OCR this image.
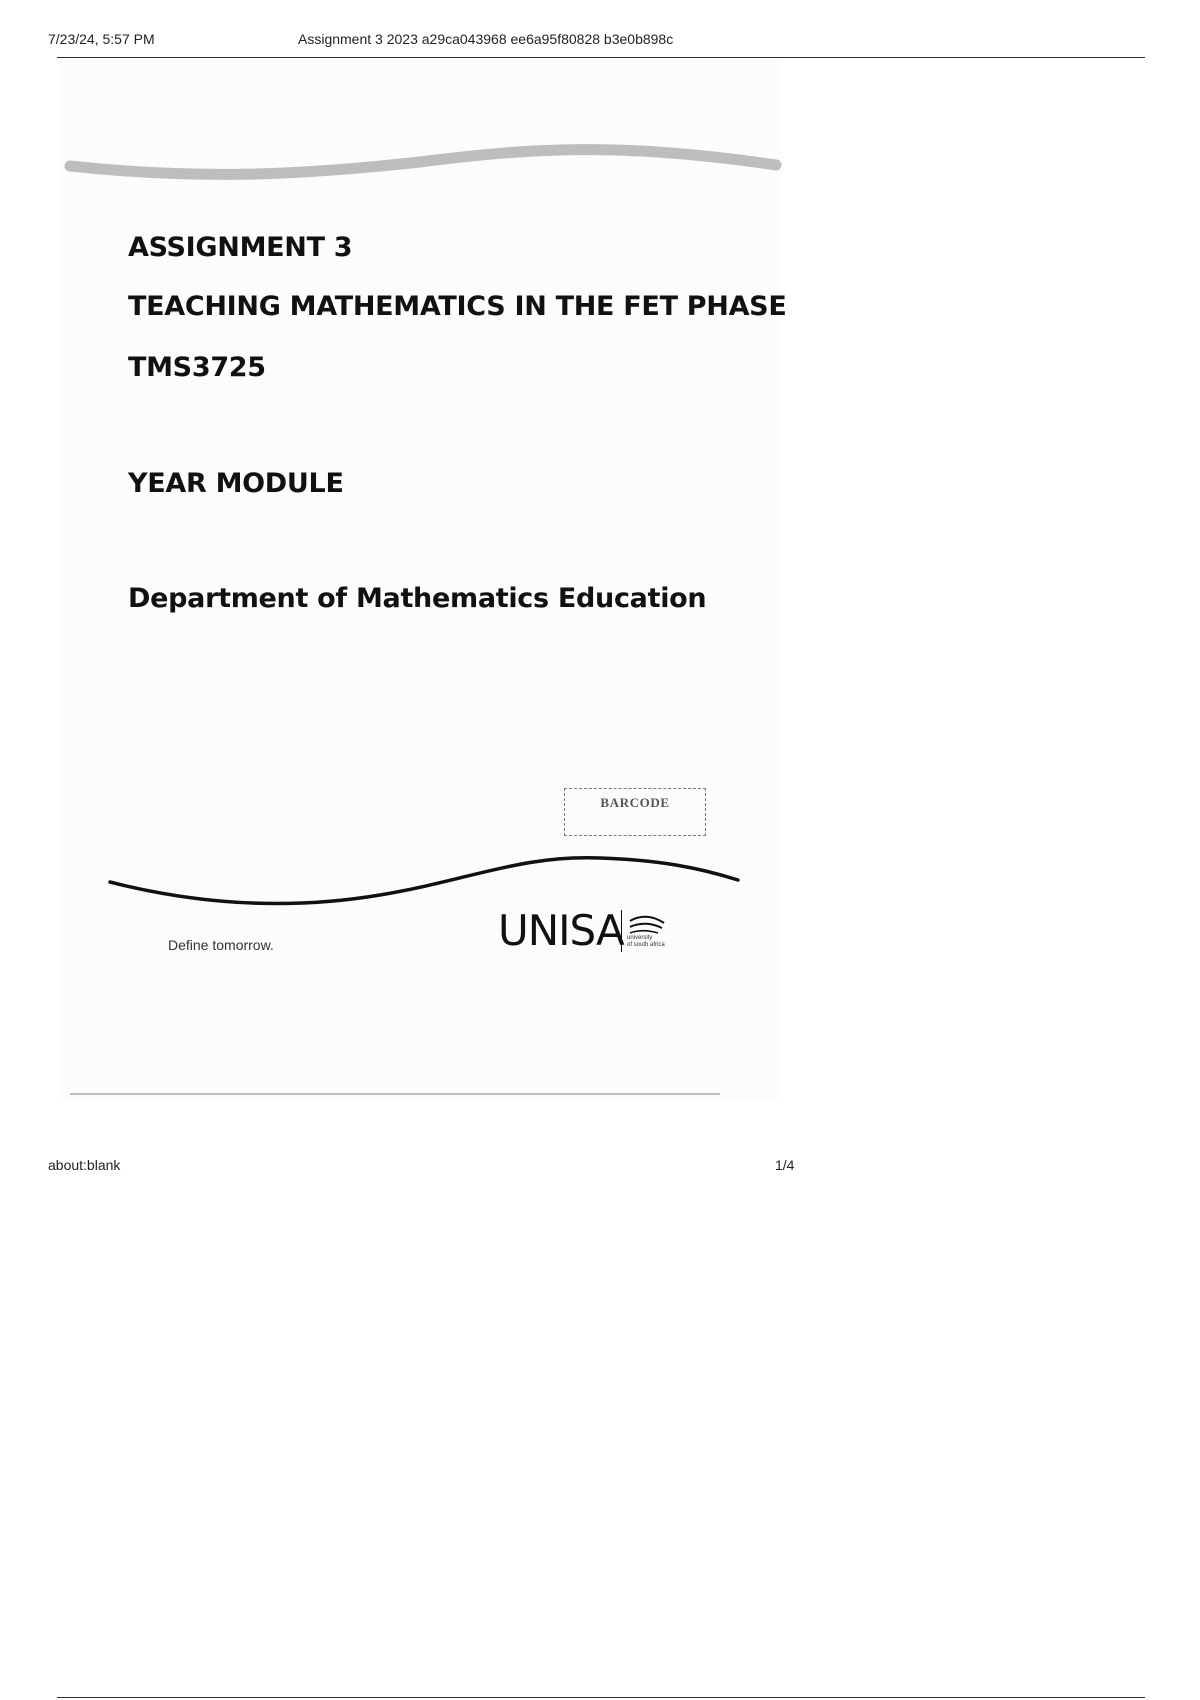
7/23/24, 5:57 PM	Assignment 3 2023 a29ca043968 ee6a95f80828 b3e0b898c
ASSIGNMENT 3
TEACHING MATHEMATICS IN THE FET PHASE
TMS3725
YEAR MODULE
Department of Mathematics Education
BARCODE
Define tomorrow.	UNISA university
of south africa
about:blank	1/4
